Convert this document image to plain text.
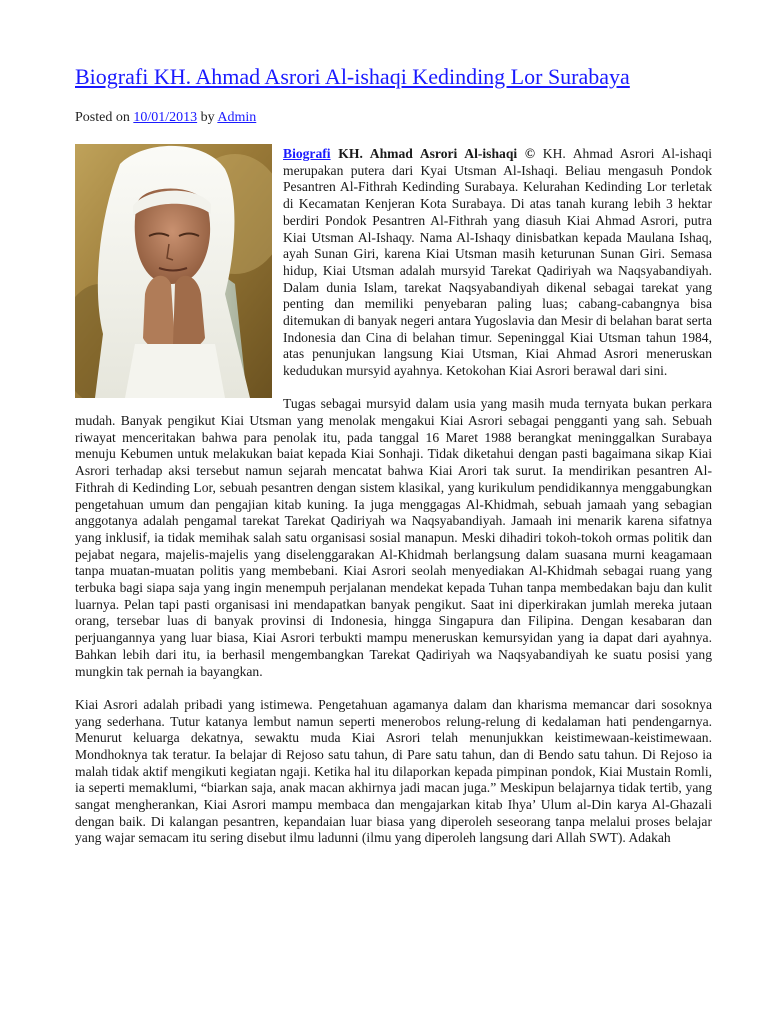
Biografi KH. Ahmad Asrori Al-ishaqi Kedinding Lor Surabaya
Posted on 10/01/2013 by Admin

Biografi KH. Ahmad Asrori Al-ishaqi © KH. Ahmad Asrori Al-ishaqi merupakan putera dari Kyai Utsman Al-Ishaqi. Beliau mengasuh Pondok Pesantren Al-Fithrah Kedinding Surabaya. Kelurahan Kedinding Lor terletak di Kecamatan Kenjeran Kota Surabaya. Di atas tanah kurang lebih 3 hektar berdiri Pondok Pesantren Al-Fithrah yang diasuh Kiai Ahmad Asrori, putra Kiai Utsman Al-Ishaqy. Nama Al-Ishaqy dinisbatkan kepada Maulana Ishaq, ayah Sunan Giri, karena Kiai Utsman masih keturunan Sunan Giri. Semasa hidup, Kiai Utsman adalah mursyid Tarekat Qadiriyah wa Naqsyabandiyah. Dalam dunia Islam, tarekat Naqsyabandiyah dikenal sebagai tarekat yang penting dan memiliki penyebaran paling luas; cabang-cabangnya bisa ditemukan di banyak negeri antara Yugoslavia dan Mesir di belahan barat serta Indonesia dan Cina di belahan timur. Sepeninggal Kiai Utsman tahun 1984, atas penunjukan langsung Kiai Utsman, Kiai Ahmad Asrori meneruskan kedudukan mursyid ayahnya. Ketokohan Kiai Asrori berawal dari sini.

Tugas sebagai mursyid dalam usia yang masih muda ternyata bukan perkara mudah. Banyak pengikut Kiai Utsman yang menolak mengakui Kiai Asrori sebagai pengganti yang sah. Sebuah riwayat menceritakan bahwa para penolak itu, pada tanggal 16 Maret 1988 berangkat meninggalkan Surabaya menuju Kebumen untuk melakukan baiat kepada Kiai Sonhaji. Tidak diketahui dengan pasti bagaimana sikap Kiai Asrori terhadap aksi tersebut namun sejarah mencatat bahwa Kiai Arori tak surut. Ia mendirikan pesantren Al-Fithrah di Kedinding Lor, sebuah pesantren dengan sistem klasikal, yang kurikulum pendidikannya menggabungkan pengetahuan umum dan pengajian kitab kuning. Ia juga menggagas Al-Khidmah, sebuah jamaah yang sebagian anggotanya adalah pengamal tarekat Tarekat Qadiriyah wa Naqsyabandiyah. Jamaah ini menarik karena sifatnya yang inklusif, ia tidak memihak salah satu organisasi sosial manapun. Meski dihadiri tokoh-tokoh ormas politik dan pejabat negara, majelis-majelis yang diselenggarakan Al-Khidmah berlangsung dalam suasana murni keagamaan tanpa muatan-muatan politis yang membebani. Kiai Asrori seolah menyediakan Al-Khidmah sebagai ruang yang terbuka bagi siapa saja yang ingin menempuh perjalanan mendekat kepada Tuhan tanpa membedakan baju dan kulit luarnya. Pelan tapi pasti organisasi ini mendapatkan banyak pengikut. Saat ini diperkirakan jumlah mereka jutaan orang, tersebar luas di banyak provinsi di Indonesia, hingga Singapura dan Filipina. Dengan kesabaran dan perjuangannya yang luar biasa, Kiai Asrori terbukti mampu meneruskan kemursyidan yang ia dapat dari ayahnya. Bahkan lebih dari itu, ia berhasil mengembangkan Tarekat Qadiriyah wa Naqsyabandiyah ke suatu posisi yang mungkin tak pernah ia bayangkan.

Kiai Asrori adalah pribadi yang istimewa. Pengetahuan agamanya dalam dan kharisma memancar dari sosoknya yang sederhana. Tutur katanya lembut namun seperti menerobos relung-relung di kedalaman hati pendengarnya. Menurut keluarga dekatnya, sewaktu muda Kiai Asrori telah menunjukkan keistimewaan-keistimewaan. Mondhoknya tak teratur. Ia belajar di Rejoso satu tahun, di Pare satu tahun, dan di Bendo satu tahun. Di Rejoso ia malah tidak aktif mengikuti kegiatan ngaji. Ketika hal itu dilaporkan kepada pimpinan pondok, Kiai Mustain Romli, ia seperti memaklumi, “biarkan saja, anak macan akhirnya jadi macan juga.” Meskipun belajarnya tidak tertib, yang sangat mengherankan, Kiai Asrori mampu membaca dan mengajarkan kitab Ihya’ Ulum al-Din karya Al-Ghazali dengan baik. Di kalangan pesantren, kepandaian luar biasa yang diperoleh seseorang tanpa melalui proses belajar yang wajar semacam itu sering disebut ilmu ladunni (ilmu yang diperoleh langsung dari Allah SWT). Adakah
